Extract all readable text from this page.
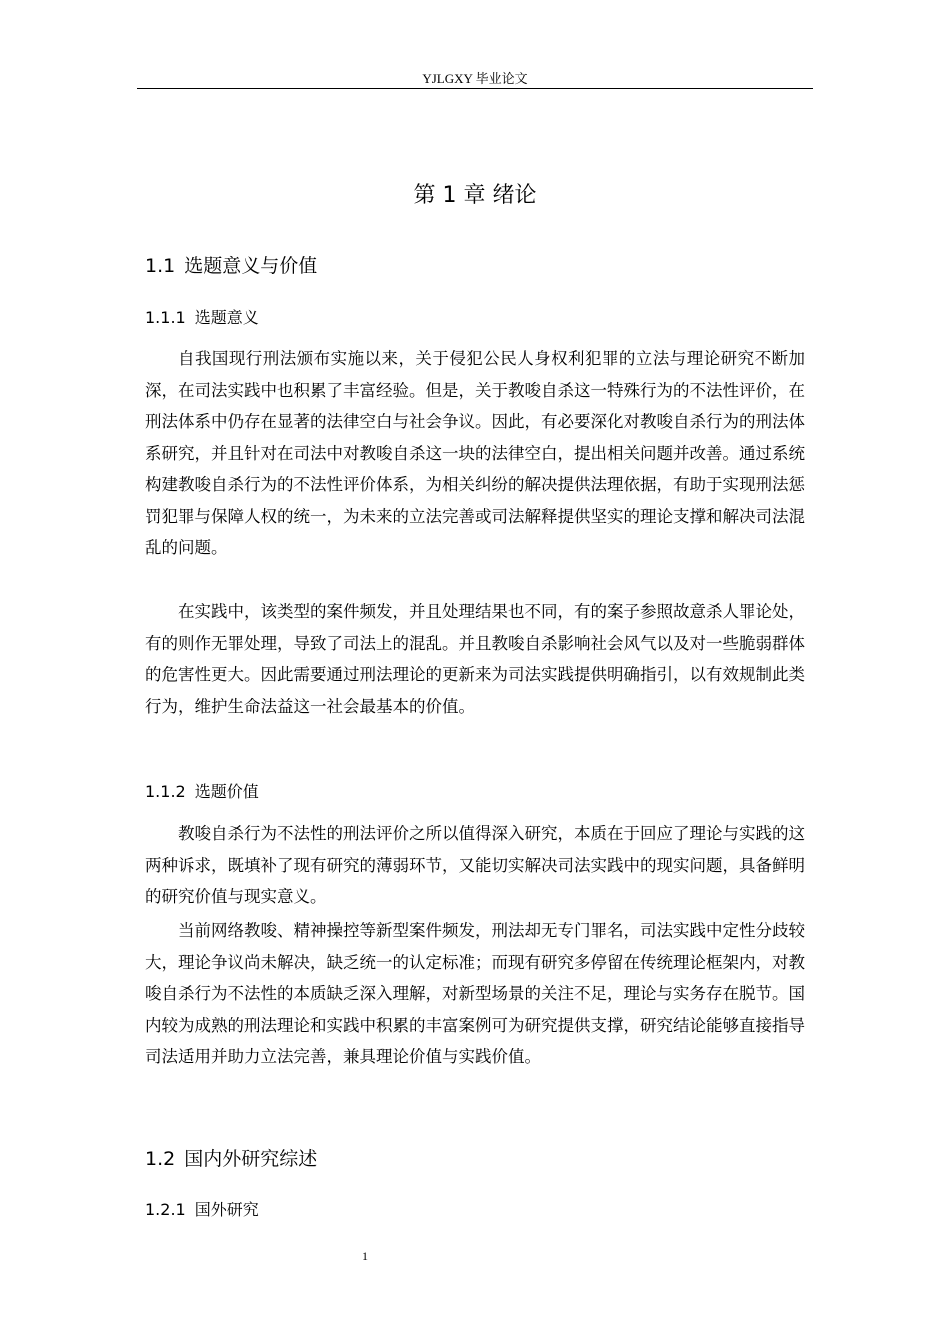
YJLGXY 毕业论文
第 1 章 绪论
1.1 选题意义与价值
1.1.1 选题意义

自我国现行刑法颁布实施以来，关于侵犯公民人身权利犯罪的立法与理论研究不断加深，在司法实践中也积累了丰富经验。但是，关于教唆自杀这一特殊行为的不法性评价，在刑法体系中仍存在显著的法律空白与社会争议。因此，有必要深化对教唆自杀行为的刑法体系研究，并且针对在司法中对教唆自杀这一块的法律空白，提出相关问题并改善。通过系统构建教唆自杀行为的不法性评价体系，为相关纠纷的解决提供法理依据，有助于实现刑法惩罚犯罪与保障人权的统一，为未来的立法完善或司法解释提供坚实的理论支撑和解决司法混乱的问题。

在实践中，该类型的案件频发，并且处理结果也不同，有的案子参照故意杀人罪论处，有的则作无罪处理，导致了司法上的混乱。并且教唆自杀影响社会风气以及对一些脆弱群体的危害性更大。因此需要通过刑法理论的更新来为司法实践提供明确指引，以有效规制此类行为，维护生命法益这一社会最基本的价值。

1.1.2 选题价值

教唆自杀行为不法性的刑法评价之所以值得深入研究，本质在于回应了理论与实践的这两种诉求，既填补了现有研究的薄弱环节，又能切实解决司法实践中的现实问题，具备鲜明的研究价值与现实意义。

当前网络教唆、精神操控等新型案件频发，刑法却无专门罪名，司法实践中定性分歧较大，理论争议尚未解决，缺乏统一的认定标准；而现有研究多停留在传统理论框架内，对教唆自杀行为不法性的本质缺乏深入理解，对新型场景的关注不足，理论与实务存在脱节。国内较为成熟的刑法理论和实践中积累的丰富案例可为研究提供支撑，研究结论能够直接指导司法适用并助力立法完善，兼具理论价值与实践价值。

1.2 国内外研究综述
1.2.1 国外研究
1
